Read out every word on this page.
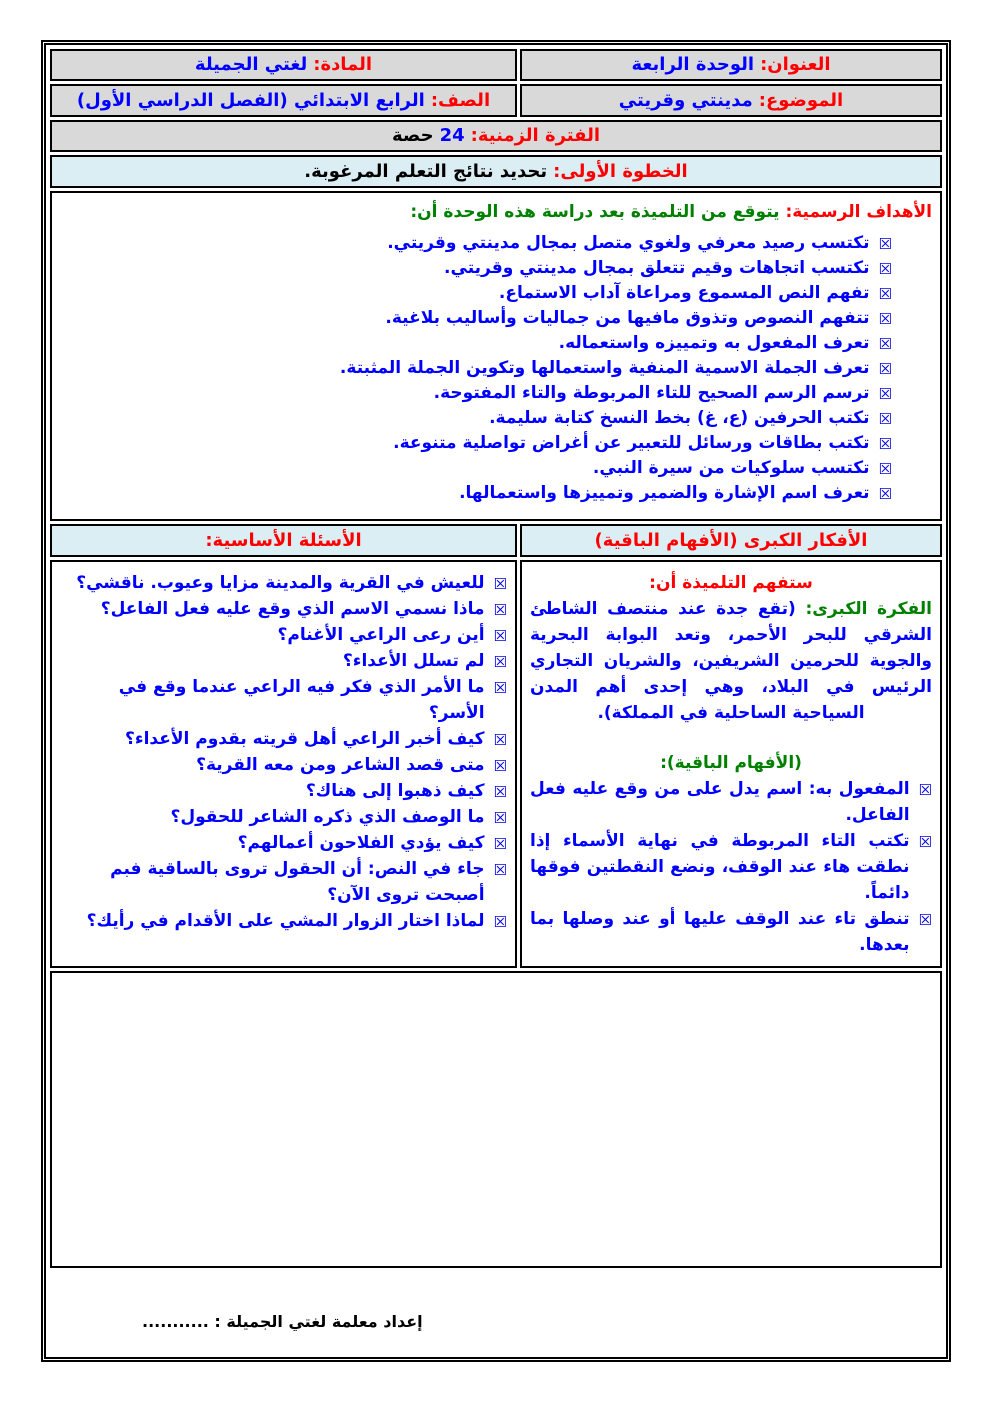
العنوان:
الوحدة الرابعة
المادة:
لغتي الجميلة
الموضوع:
مدينتي وقريتي
الصف:
الرابع الابتدائي (الفصل الدراسي الأول)
الفترة الزمنية:
24
حصة
الخطوة الأولى:
تحديد نتائج التعلم المرغوبة.
الأهداف الرسمية: يتوقع من التلميذة بعد دراسة هذه الوحدة أن:
☒
تكتسب رصيد معرفي ولغوي متصل بمجال مدينتي وقريتي.
☒
تكتسب اتجاهات وقيم تتعلق بمجال مدينتي وقريتي.
☒
تفهم النص المسموع ومراعاة آداب الاستماع.
☒
تتفهم النصوص وتذوق مافيها من جماليات وأساليب بلاغية.
☒
تعرف المفعول به وتمييزه واستعماله.
☒
تعرف الجملة الاسمية المنفية واستعمالها وتكوين الجملة المثبتة.
☒
ترسم الرسم الصحيح للتاء المربوطة والتاء المفتوحة.
☒
تكتب الحرفين (ع، غ) بخط النسخ كتابة سليمة.
☒
تكتب بطاقات ورسائل للتعبير عن أغراض تواصلية متنوعة.
☒
تكتسب سلوكيات من سيرة النبي.
☒
تعرف اسم الإشارة والضمير وتمييزها واستعمالها.
الأفكار الكبرى (الأفهام الباقية)
ستفهم التلميذة أن:
الفكرة الكبرى: (تقع جدة عند منتصف الشاطئ الشرقي للبحر الأحمر، وتعد البوابة البحرية والجوية للحرمين الشريفين، والشريان التجاري الرئيس في البلاد، وهي إحدى أهم المدن السياحية الساحلية في المملكة).
(الأفهام الباقية):
☒
المفعول به: اسم يدل على من وقع عليه فعل الفاعل.
☒
تكتب التاء المربوطة في نهاية الأسماء إذا نطقت هاء عند الوقف، ونضع النقطتين فوقها دائماً.
☒
تنطق تاء عند الوقف عليها أو عند وصلها بما بعدها.
الأسئلة الأساسية:
☒
للعيش في القرية والمدينة مزايا وعيوب. ناقشي؟
☒
ماذا نسمي الاسم الذي وقع عليه فعل الفاعل؟
☒
أين رعى الراعي الأغنام؟
☒
لم تسلل الأعداء؟
☒
ما الأمر الذي فكر فيه الراعي عندما وقع في الأسر؟
☒
كيف أخبر الراعي أهل قريته بقدوم الأعداء؟
☒
متى قصد الشاعر ومن معه القرية؟
☒
كيف ذهبوا إلى هناك؟
☒
ما الوصف الذي ذكره الشاعر للحقول؟
☒
كيف يؤدي الفلاحون أعمالهم؟
☒
جاء في النص: أن الحقول تروى بالساقية فبم أصبحت تروى الآن؟
☒
لماذا اختار الزوار المشي على الأقدام في رأيك؟
إعداد معلمة لغتي الجميلة : ...........
